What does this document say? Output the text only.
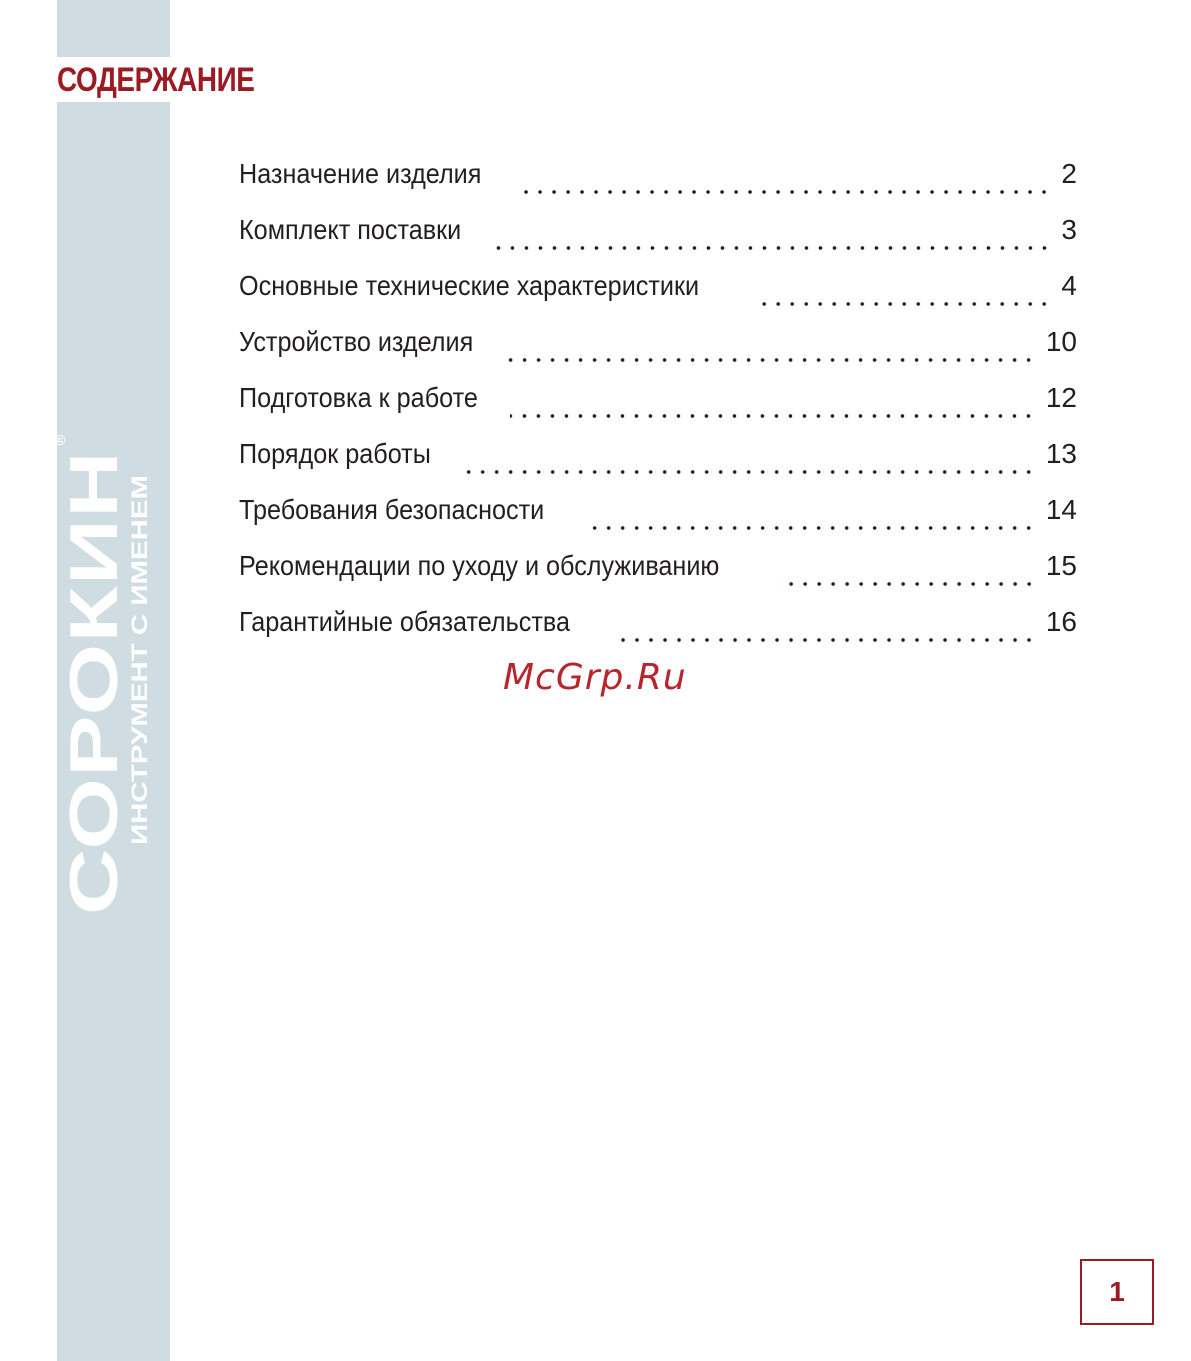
СОДЕРЖАНИЕ
СОРОКИН
ИНСТРУМЕНТ С ИМЕНЕМ
®
Назначение изделия	2
Комплект поставки	3
Основные технические характеристики	4
Устройство изделия	10
Подготовка к работе	12
Порядок работы	13
Требования безопасности	14
Рекомендации по уходу и обслуживанию	15
Гарантийные обязательства	16
McGrp.Ru
1
